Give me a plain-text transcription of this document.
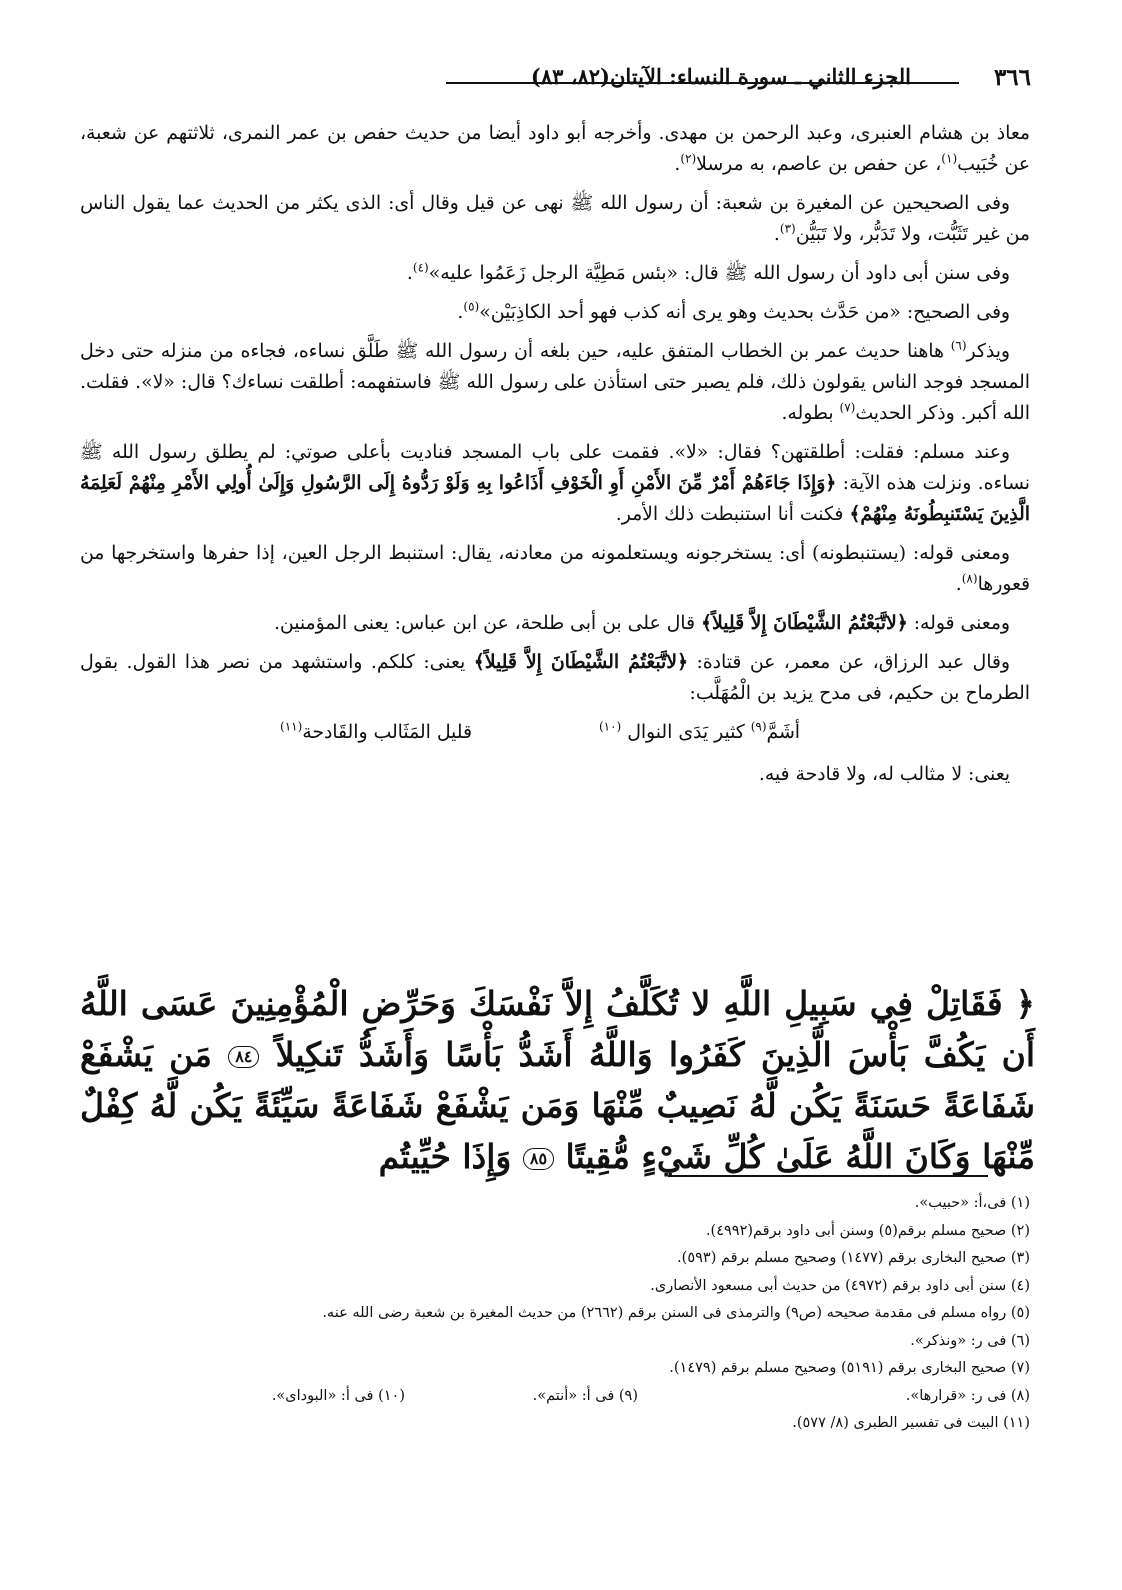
٣٦٦
الجزء الثاني ـ سورة النساء: الآيتان(٨٢، ٨٣)

معاذ بن هشام العنبرى، وعبد الرحمن بن مهدى. وأخرجه أبو داود أيضا من حديث حفص بن عمر النمرى، ثلاثتهم عن شعبة، عن خُبَيب$^{(١)}$، عن حفص بن عاصم، به مرسلا$^{(٢)}$.

وفى الصحيحين عن المغيرة بن شعبة: أن رسول الله ﷺ نهى عن قيل وقال أى: الذى يكثر من الحديث عما يقول الناس من غير تَثَبُّت، ولا تَدَبُّر، ولا تَبَيُّن$^{(٣)}$.

وفى سنن أبى داود أن رسول الله ﷺ قال: «بئس مَطِيَّة الرجل زَعَمُوا عليه»$^{(٤)}$.

وفى الصحيح: «من حَدَّث بحديث وهو يرى أنه كذب فهو أحد الكاذِبَيْن»$^{(٥)}$.

ويذكر$^{(٦)}$ هاهنا حديث عمر بن الخطاب المتفق عليه، حين بلغه أن رسول الله ﷺ طَلَّق نساءه، فجاءه من منزله حتى دخل المسجد فوجد الناس يقولون ذلك، فلم يصبر حتى استأذن على رسول الله ﷺ فاستفهمه: أطلقت نساءك؟ قال: «لا». فقلت. الله أكبر. وذكر الحديث$^{(٧)}$ بطوله.

وعند مسلم: فقلت: أطلقتهن؟ فقال: «لا». فقمت على باب المسجد فناديت بأعلى صوتي: لم يطلق رسول الله ﷺ نساءه. ونزلت هذه الآية: ﴿وَإِذَا جَاءَهُمْ أَمْرٌ مِّنَ الأَمْنِ أَوِ الْخَوْفِ أَذَاعُوا بِهِ وَلَوْ رَدُّوهُ إِلَى الرَّسُولِ وَإِلَىٰ أُولِي الأَمْرِ مِنْهُمْ لَعَلِمَهُ الَّذِينَ يَسْتَنبِطُونَهُ مِنْهُمْ﴾ فكنت أنا استنبطت ذلك الأمر.

ومعنى قوله: (يستنبطونه) أى: يستخرجونه ويستعلمونه من معادنه، يقال: استنبط الرجل العين، إذا حفرها واستخرجها من قعورها$^{(٨)}$.

ومعنى قوله: ﴿لاتَّبَعْتُمُ الشَّيْطَانَ إِلاَّ قَلِيلاً﴾ قال على بن أبى طلحة، عن ابن عباس: يعنى المؤمنين.

وقال عبد الرزاق، عن معمر، عن قتادة: ﴿لاتَّبَعْتُمُ الشَّيْطَانَ إِلاَّ قَلِيلاً﴾ يعنى: كلكم. واستشهد من نصر هذا القول. بقول الطرماح بن حكيم، فى مدح يزيد بن الْمُهَلَّب:

أشَمَّ$^{(٩)}$ كثير يَدَى النوال $^{(١٠)}$
قليل المَثَالب والقَادحة$^{(١١)}$

يعنى: لا مثالب له، ولا قادحة فيه.

﴿ فَقَاتِلْ فِي سَبِيلِ اللَّهِ لا تُكَلَّفُ إِلاَّ نَفْسَكَ وَحَرِّضِ الْمُؤْمِنِينَ عَسَى اللَّهُ أَن يَكُفَّ بَأْسَ الَّذِينَ كَفَرُوا وَاللَّهُ أَشَدُّ بَأْسًا وَأَشَدُّ تَنكِيلاً ٨٤ مَن يَشْفَعْ شَفَاعَةً حَسَنَةً يَكُن لَّهُ نَصِيبٌ مِّنْهَا وَمَن يَشْفَعْ شَفَاعَةً سَيِّئَةً يَكُن لَّهُ كِفْلٌ مِّنْهَا وَكَانَ اللَّهُ عَلَىٰ كُلِّ شَيْءٍ مُّقِيتًا ٨٥ وَإِذَا حُيِّيتُم
(١) فى،أ: «حبيب».
(٢) صحيح مسلم برقم(٥) وسنن أبى داود برقم(٤٩٩٢).
(٣) صحيح البخارى برقم (١٤٧٧) وصحيح مسلم برقم (٥٩٣).
(٤) سنن أبى داود برقم (٤٩٧٢) من حديث أبى مسعود الأنصارى.
(٥) رواه مسلم فى مقدمة صحيحه (ص٩) والترمذى فى السنن برقم (٢٦٦٢) من حديث المغيرة بن شعبة رضى الله عنه.
(٦) فى ر: «ونذكر».
(٧) صحيح البخارى برقم (٥١٩١) وصحيح مسلم برقم (١٤٧٩).
(٨) فى ر: «قرارها».
(٩) فى أ: «أنتم».
(١٠) فى أ: «البوداى».
(١١) البيت فى تفسير الطبرى (٨/ ٥٧٧).
